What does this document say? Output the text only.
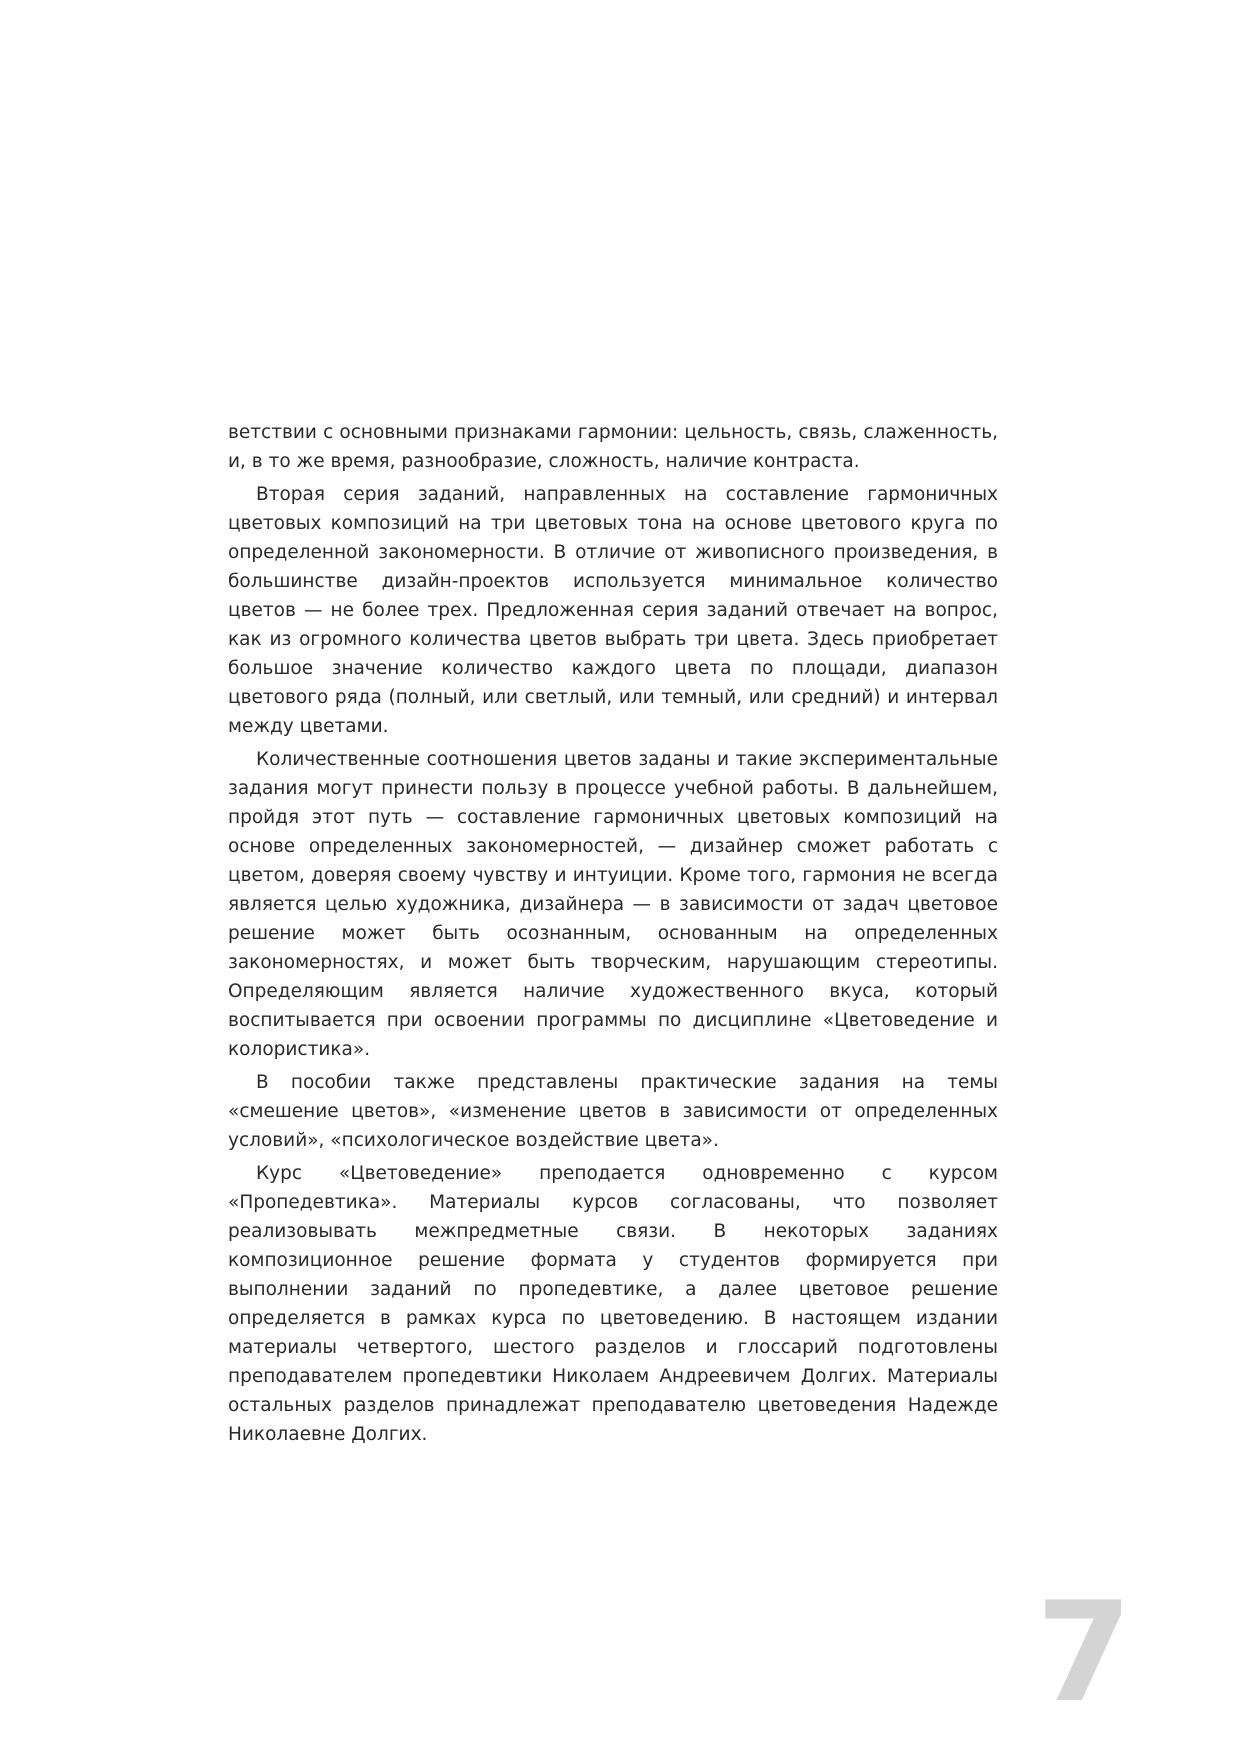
ветствии с основными признаками гармонии: цельность, связь, слаженность, и, в то же время, разнообразие, сложность, наличие контраста.

Вторая серия заданий, направленных на составление гармоничных цветовых композиций на три цветовых тона на основе цветового круга по определенной закономерности. В отличие от живописного произведения, в большинстве дизайн-проектов используется минимальное количество цветов — не более трех. Предложенная серия заданий отвечает на вопрос, как из огромного количества цветов выбрать три цвета. Здесь приобретает большое значение количество каждого цвета по площади, диапазон цветового ряда (полный, или светлый, или темный, или средний) и интервал между цветами.

Количественные соотношения цветов заданы и такие экспериментальные задания могут принести пользу в процессе учебной работы. В дальнейшем, пройдя этот путь — составление гармоничных цветовых композиций на основе определенных закономерностей, — дизайнер сможет работать с цветом, доверяя своему чувству и интуиции. Кроме того, гармония не всегда является целью художника, дизайнера — в зависимости от задач цветовое решение может быть осознанным, основанным на определенных закономерностях, и может быть творческим, нарушающим стереотипы. Определяющим является наличие художественного вкуса, который воспитывается при освоении программы по дисциплине «Цветоведение и колористика».

В пособии также представлены практические задания на темы «смешение цветов», «изменение цветов в зависимости от определенных условий», «психологическое воздействие цвета».

Курс «Цветоведение» преподается одновременно с курсом «Пропедевтика». Материалы курсов согласованы, что позволяет реализовывать межпредметные связи. В некоторых заданиях композиционное решение формата у студентов формируется при выполнении заданий по пропедевтике, а далее цветовое решение определяется в рамках курса по цветоведению. В настоящем издании материалы четвертого, шестого разделов и глоссарий подготовлены преподавателем пропедевтики Николаем Андреевичем Долгих. Материалы остальных разделов принадлежат преподавателю цветоведения Надежде Николаевне Долгих.

7
